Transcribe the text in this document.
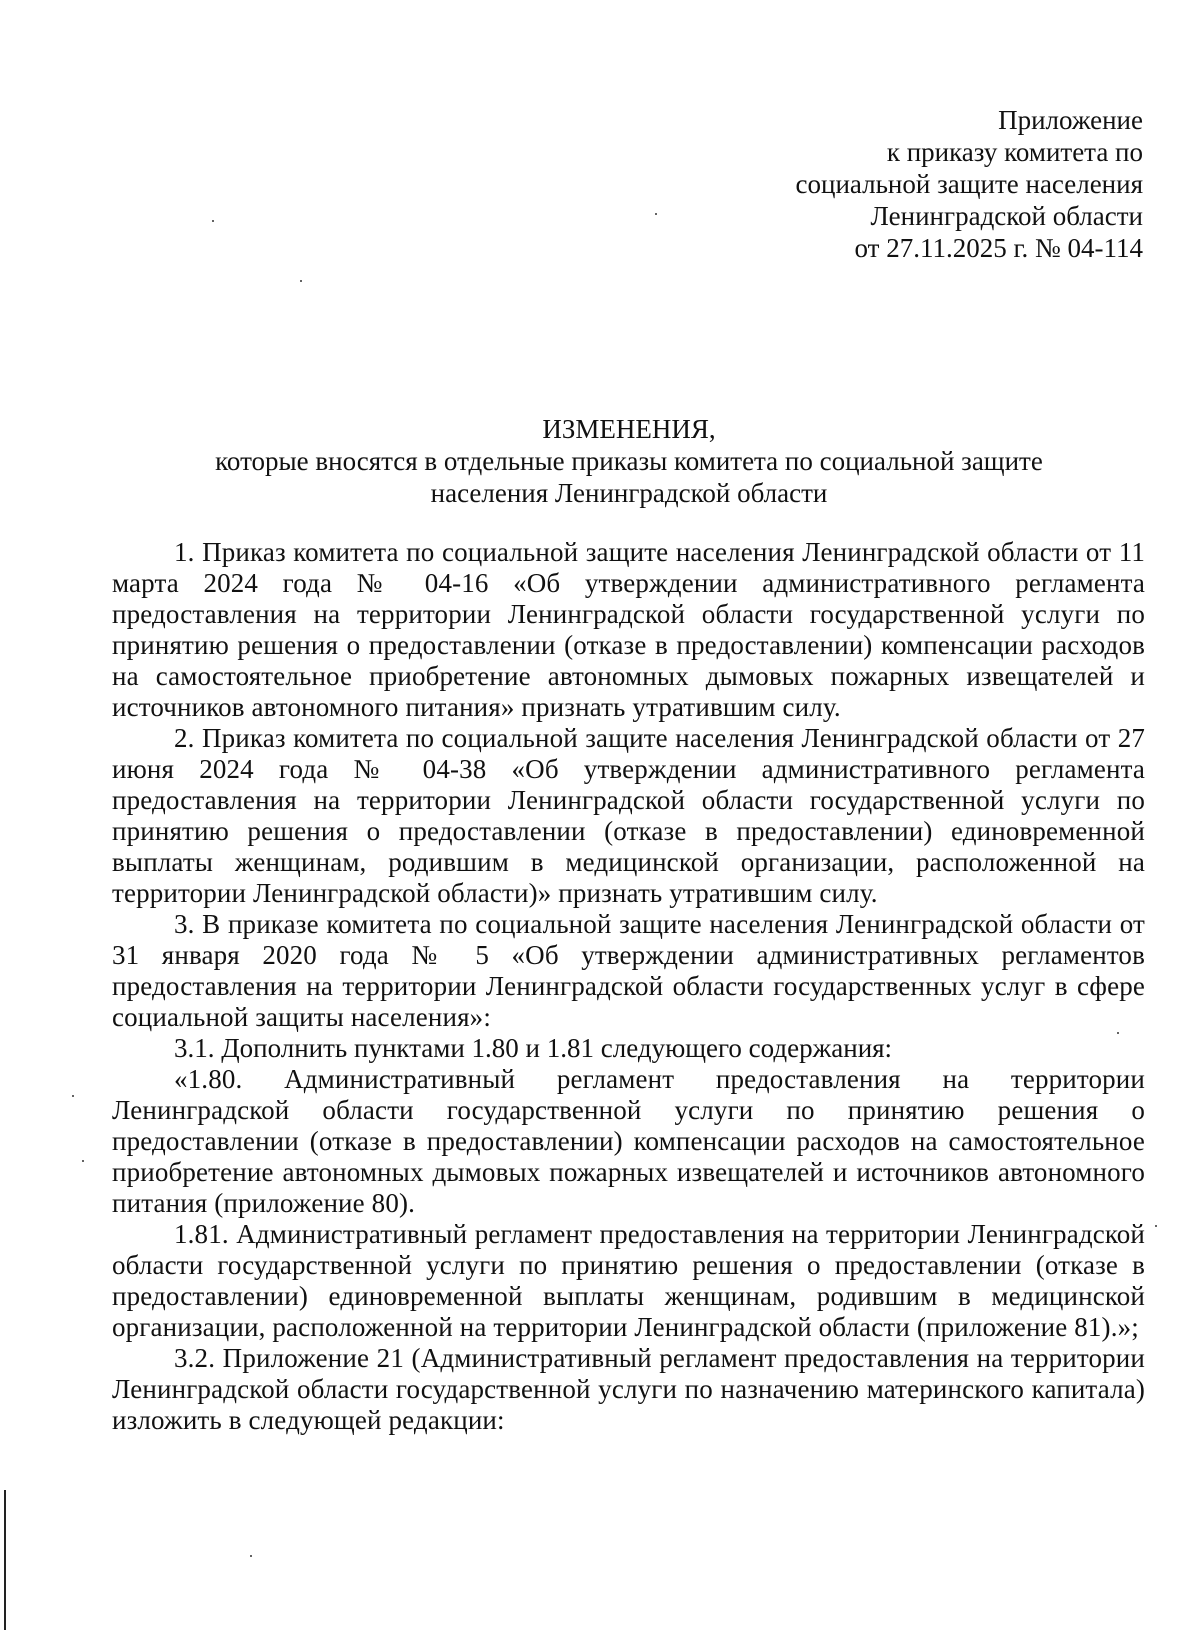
Приложение
к приказу комитета по
социальной защите населения
Ленинградской области
от 27.11.2025 г. № 04-114
ИЗМЕНЕНИЯ,
которые вносятся в отдельные приказы комитета по социальной защите
населения Ленинградской области

1. Приказ комитета по социальной защите населения Ленинградской области от 11 марта 2024 года № 04-16 «Об утверждении административного регламента предоставления на территории Ленинградской области государственной услуги по принятию решения о предоставлении (отказе в предоставлении) компенсации расходов на самостоятельное приобретение автономных дымовых пожарных извещателей и источников автономного питания» признать утратившим силу.

2. Приказ комитета по социальной защите населения Ленинградской области от 27 июня 2024 года № 04-38 «Об утверждении административного регламента предоставления на территории Ленинградской области государственной услуги по принятию решения о предоставлении (отказе в предоставлении) единовременной выплаты женщинам, родившим в медицинской организации, расположенной на территории Ленинградской области)» признать утратившим силу.

3. В приказе комитета по социальной защите населения Ленинградской области от 31 января 2020 года № 5 «Об утверждении административных регламентов предоставления на территории Ленинградской области государственных услуг в сфере социальной защиты населения»:

3.1. Дополнить пунктами 1.80 и 1.81 следующего содержания:

«1.80. Административный регламент предоставления на территории Ленинградской области государственной услуги по принятию решения о предоставлении (отказе в предоставлении) компенсации расходов на самостоятельное приобретение автономных дымовых пожарных извещателей и источников автономного питания (приложение 80).

1.81. Административный регламент предоставления на территории Ленинградской области государственной услуги по принятию решения о предоставлении (отказе в предоставлении) единовременной выплаты женщинам, родившим в медицинской организации, расположенной на территории Ленинградской области (приложение 81).»;

3.2. Приложение 21 (Административный регламент предоставления на территории Ленинградской области государственной услуги по назначению материнского капитала) изложить в следующей редакции:
